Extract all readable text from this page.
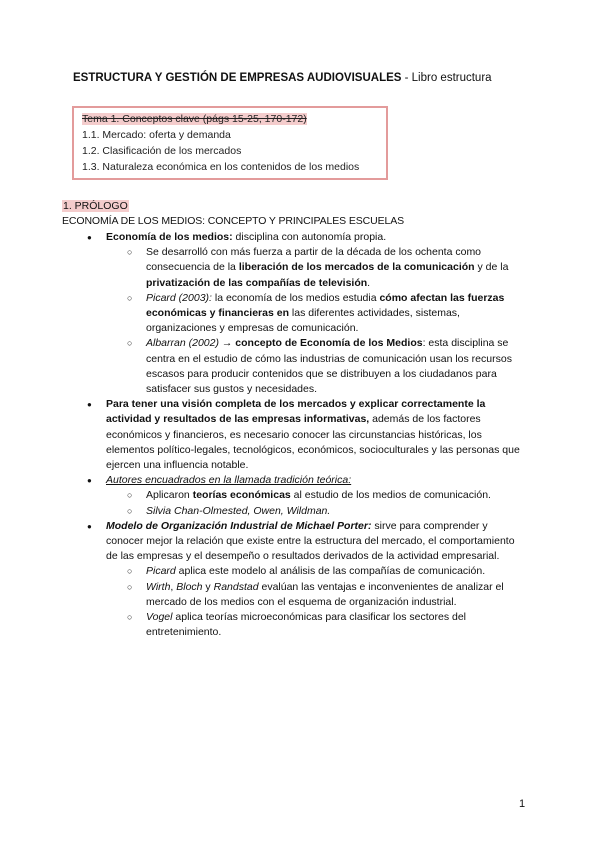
ESTRUCTURA Y GESTIÓN DE EMPRESAS AUDIOVISUALES - Libro estructura
Tema 1. Conceptos clave (págs 15-25, 170-172)
1.1. Mercado: oferta y demanda
1.2. Clasificación de los mercados
1.3. Naturaleza económica en los contenidos de los medios
1. PRÓLOGO
ECONOMÍA DE LOS MEDIOS: CONCEPTO Y PRINCIPALES ESCUELAS
● Economía de los medios: disciplina con autonomía propia.
○ Se desarrolló con más fuerza a partir de la década de los ochenta como consecuencia de la liberación de los mercados de la comunicación y de la privatización de las compañías de televisión.
○ Picard (2003): la economía de los medios estudia cómo afectan las fuerzas económicas y financieras en las diferentes actividades, sistemas, organizaciones y empresas de comunicación.
○ Albarran (2002) → concepto de Economía de los Medios: esta disciplina se centra en el estudio de cómo las industrias de comunicación usan los recursos escasos para producir contenidos que se distribuyen a los ciudadanos para satisfacer sus gustos y necesidades.
● Para tener una visión completa de los mercados y explicar correctamente la actividad y resultados de las empresas informativas, además de los factores económicos y financieros, es necesario conocer las circunstancias históricas, los elementos político-legales, tecnológicos, económicos, socioculturales y las personas que ejercen una influencia notable.
● Autores encuadrados en la llamada tradición teórica:
○ Aplicaron teorías económicas al estudio de los medios de comunicación.
○ Silvia Chan-Olmested, Owen, Wildman.
● Modelo de Organización Industrial de Michael Porter: sirve para comprender y conocer mejor la relación que existe entre la estructura del mercado, el comportamiento de las empresas y el desempeño o resultados derivados de la actividad empresarial.
○ Picard aplica este modelo al análisis de las compañías de comunicación.
○ Wirth, Bloch y Randstad evalúan las ventajas e inconvenientes de analizar el mercado de los medios con el esquema de organización industrial.
○ Vogel aplica teorías microeconómicas para clasificar los sectores del entretenimiento.
1
